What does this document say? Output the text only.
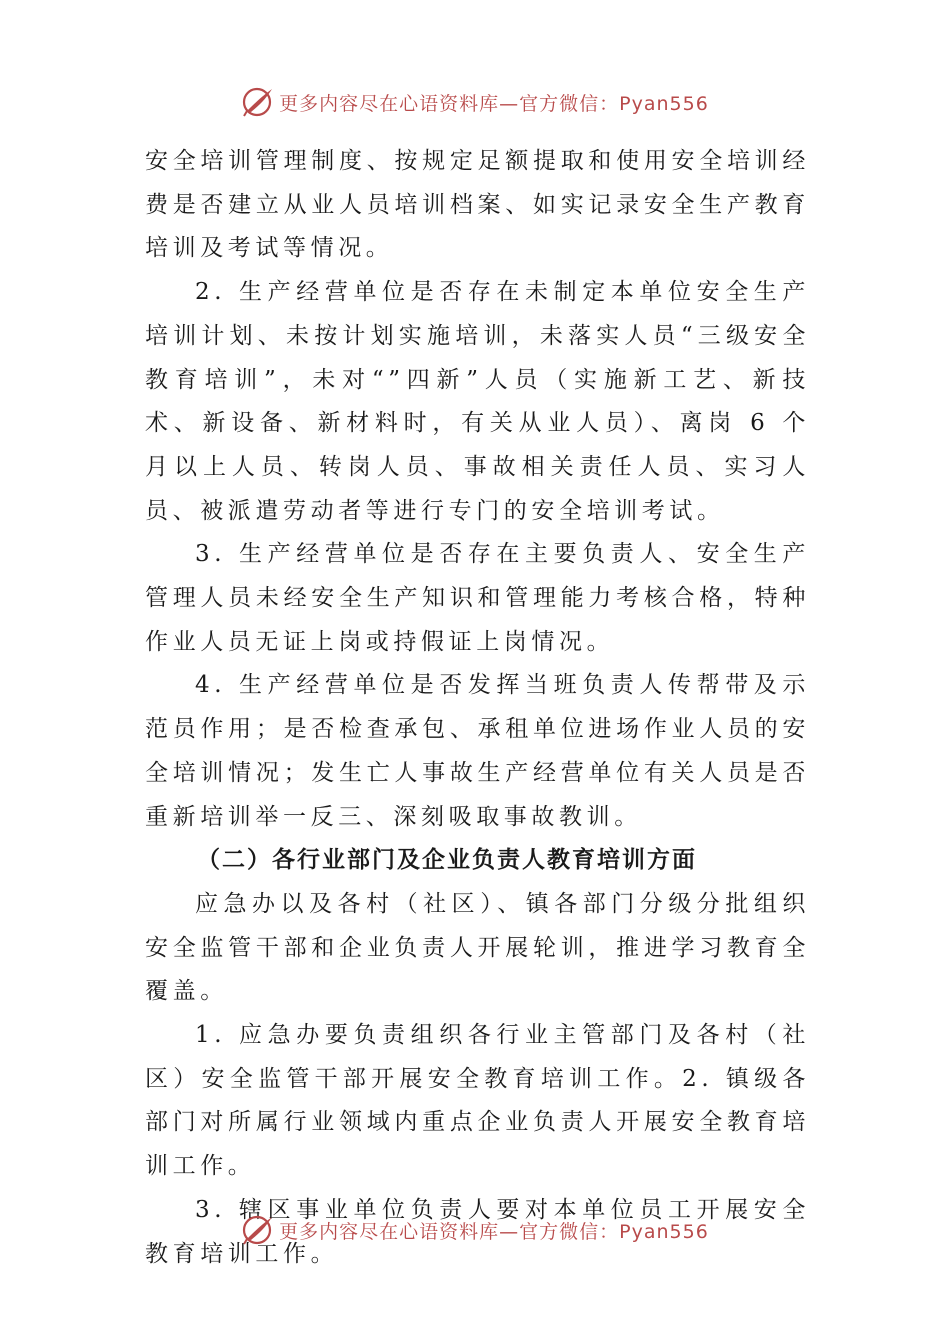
更多内容尽在心语资料库—官方微信：Pyan556

安全培训管理制度、按规定足额提取和使用安全培训经费是否建立从业人员培训档案、如实记录安全生产教育培训及考试等情况。

2. 生产经营单位是否存在未制定本单位安全生产培训计划、未按计划实施培训，未落实人员“三级安全教育培训”，未对“”四新”人员（实施新工艺、新技术、新设备、新材料时，有关从业人员）、离岗 6 个月以上人员、转岗人员、事故相关责任人员、实习人员、被派遣劳动者等进行专门的安全培训考试。

3. 生产经营单位是否存在主要负责人、安全生产管理人员未经安全生产知识和管理能力考核合格，特种作业人员无证上岗或持假证上岗情况。

4. 生产经营单位是否发挥当班负责人传帮带及示范员作用；是否检查承包、承租单位进场作业人员的安全培训情况；发生亡人事故生产经营单位有关人员是否重新培训举一反三、深刻吸取事故教训。

（二）各行业部门及企业负责人教育培训方面

应急办以及各村（社区）、镇各部门分级分批组织安全监管干部和企业负责人开展轮训，推进学习教育全覆盖。

1. 应急办要负责组织各行业主管部门及各村（社区）安全监管干部开展安全教育培训工作。2. 镇级各部门对所属行业领域内重点企业负责人开展安全教育培训工作。

3. 辖区事业单位负责人要对本单位员工开展安全教育培训工作。

更多内容尽在心语资料库—官方微信：Pyan556
